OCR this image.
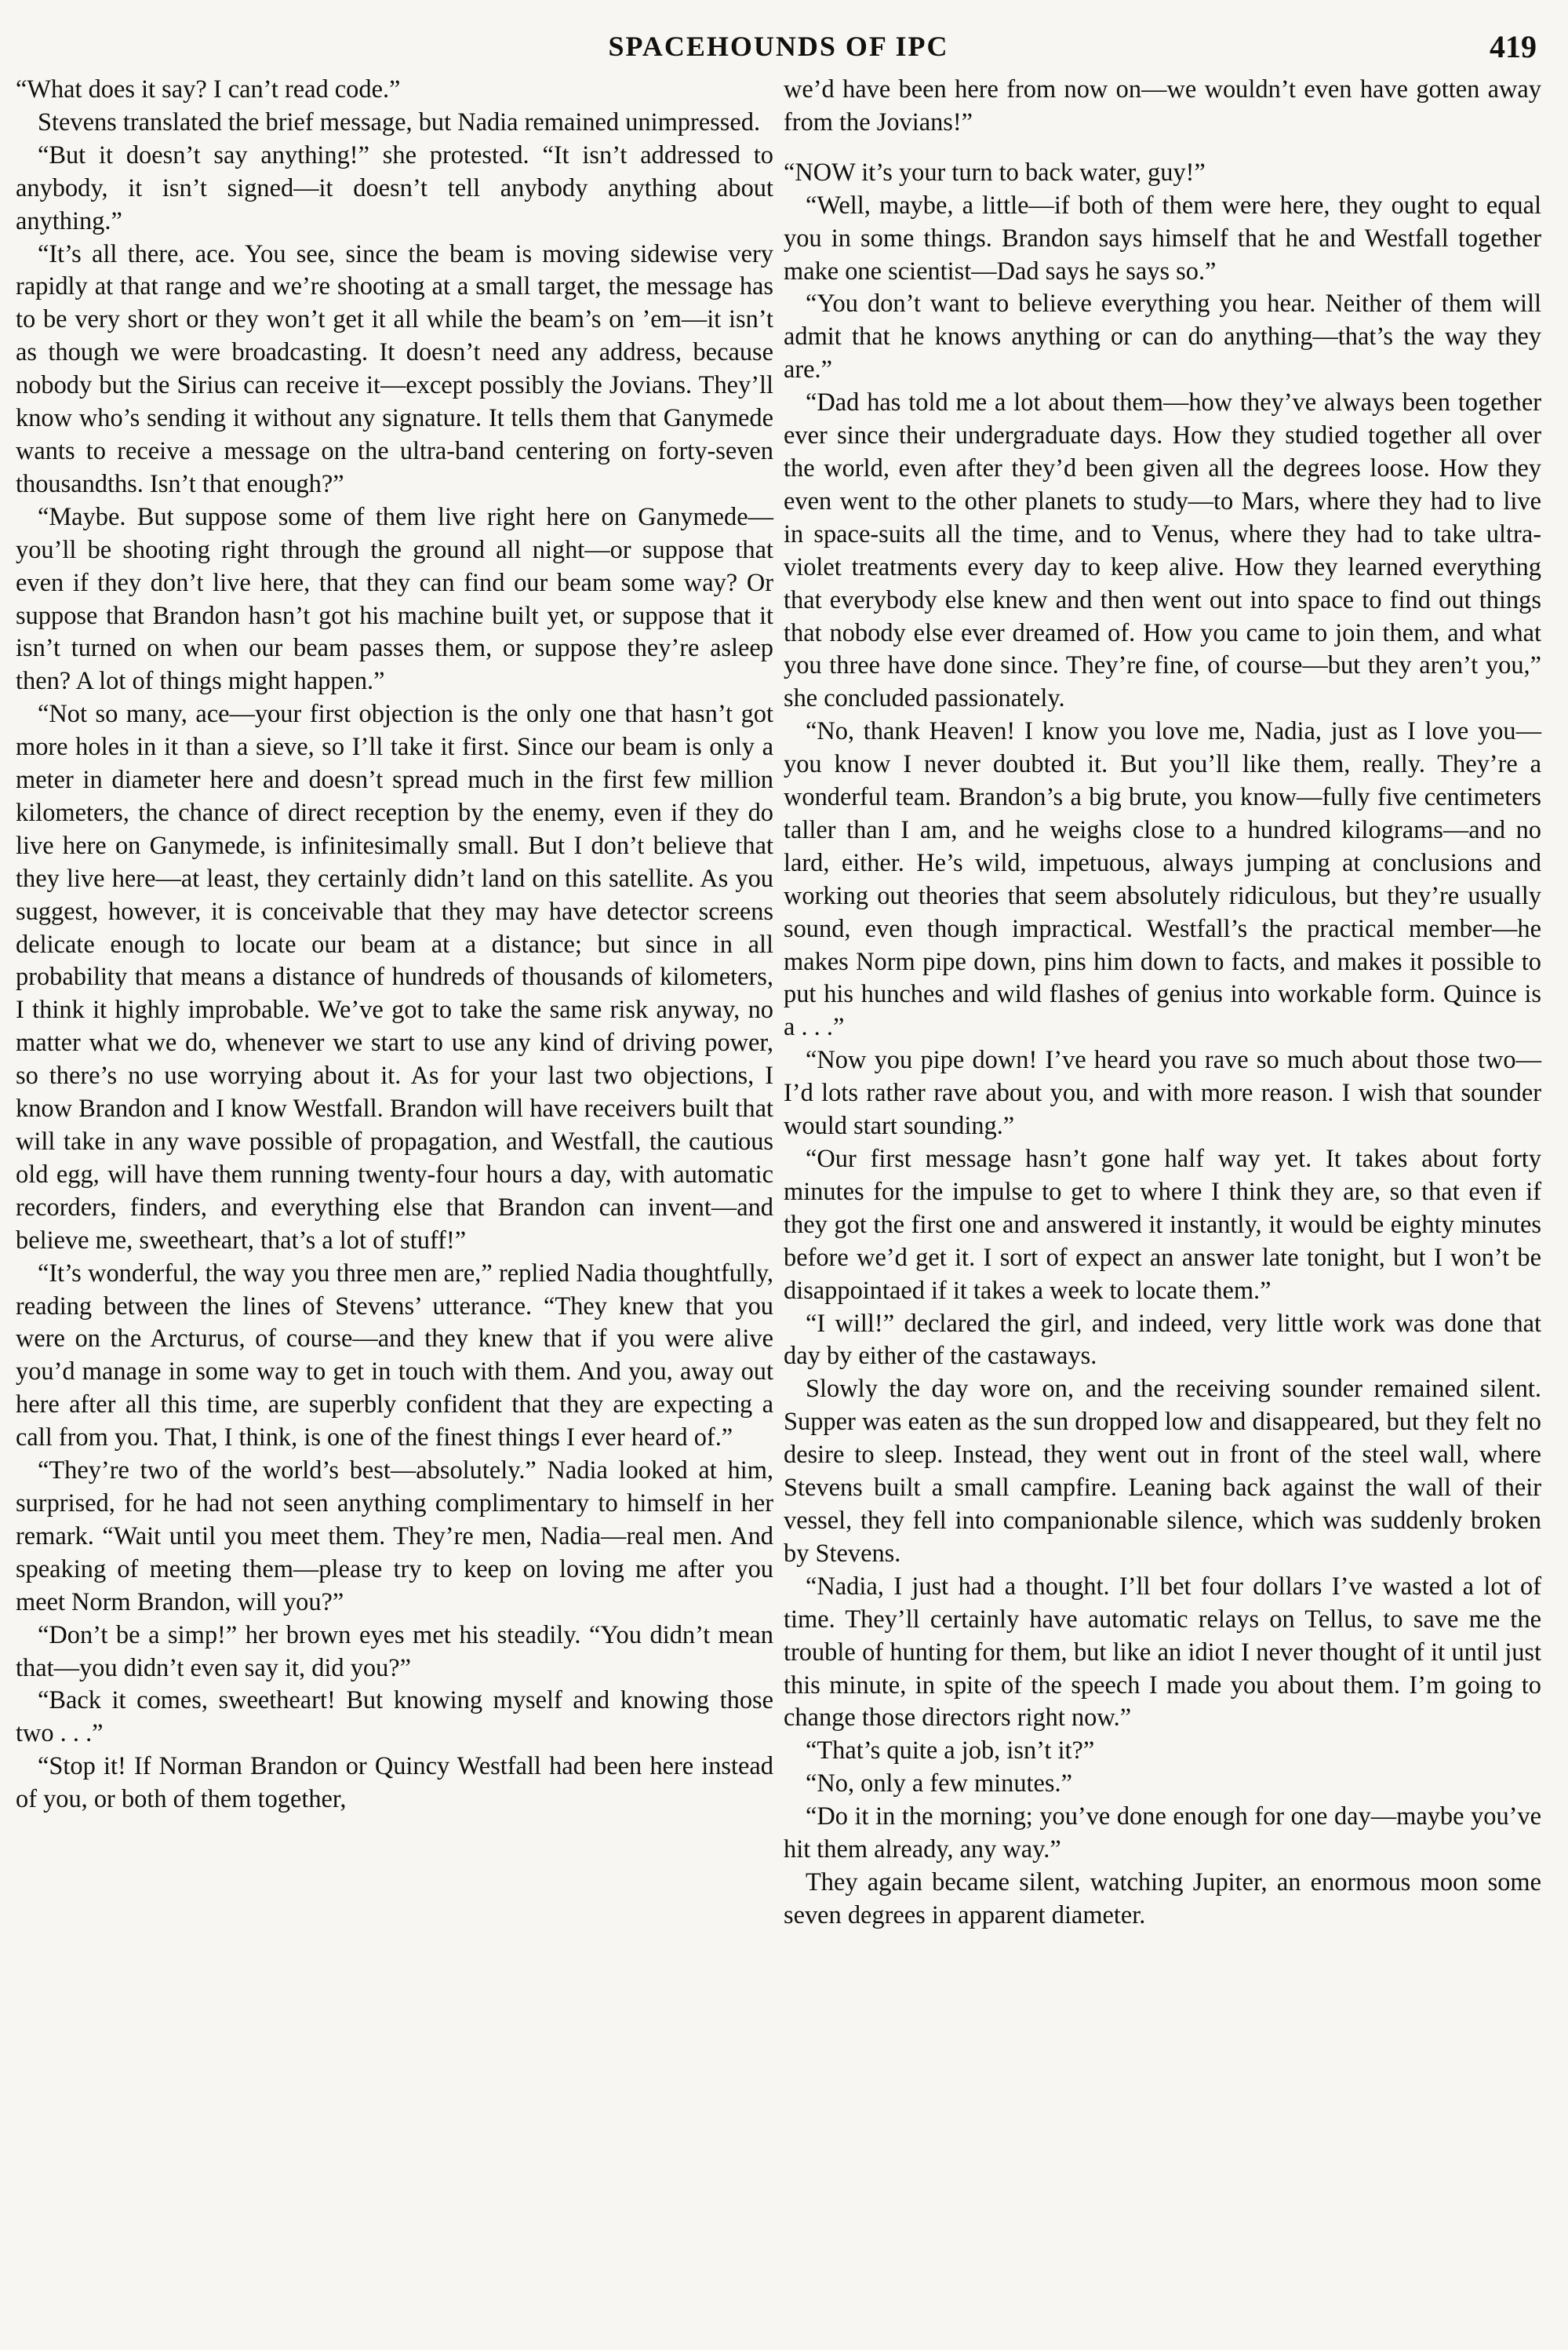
SPACEHOUNDS OF IPC	419

“What does it say? I can’t read code.”

Stevens translated the brief message, but Nadia remained unimpressed.

“But it doesn’t say anything!” she protested. “It isn’t addressed to anybody, it isn’t signed—it doesn’t tell anybody anything about anything.”

“It’s all there, ace. You see, since the beam is moving sidewise very rapidly at that range and we’re shooting at a small target, the message has to be very short or they won’t get it all while the beam’s on ’em—it isn’t as though we were broadcasting. It doesn’t need any address, because nobody but the Sirius can receive it—except possibly the Jovians. They’ll know who’s sending it without any signature. It tells them that Ganymede wants to receive a message on the ultra-band centering on forty-seven thousandths. Isn’t that enough?”

“Maybe. But suppose some of them live right here on Ganymede—you’ll be shooting right through the ground all night—or suppose that even if they don’t live here, that they can find our beam some way? Or suppose that Brandon hasn’t got his machine built yet, or suppose that it isn’t turned on when our beam passes them, or suppose they’re asleep then? A lot of things might happen.”

“Not so many, ace—your first objection is the only one that hasn’t got more holes in it than a sieve, so I’ll take it first. Since our beam is only a meter in diameter here and doesn’t spread much in the first few million kilometers, the chance of direct reception by the enemy, even if they do live here on Ganymede, is infinitesimally small. But I don’t believe that they live here—at least, they certainly didn’t land on this satellite. As you suggest, however, it is conceivable that they may have detector screens delicate enough to locate our beam at a distance; but since in all probability that means a distance of hundreds of thousands of kilometers, I think it highly improbable. We’ve got to take the same risk anyway, no matter what we do, whenever we start to use any kind of driving power, so there’s no use worrying about it. As for your last two objections, I know Brandon and I know Westfall. Brandon will have receivers built that will take in any wave possible of propagation, and Westfall, the cautious old egg, will have them running twenty-four hours a day, with automatic recorders, finders, and everything else that Brandon can invent—and believe me, sweetheart, that’s a lot of stuff!”

“It’s wonderful, the way you three men are,” replied Nadia thoughtfully, reading between the lines of Stevens’ utterance. “They knew that you were on the Arcturus, of course—and they knew that if you were alive you’d manage in some way to get in touch with them. And you, away out here after all this time, are superbly confident that they are expecting a call from you. That, I think, is one of the finest things I ever heard of.”

“They’re two of the world’s best—absolutely.” Nadia looked at him, surprised, for he had not seen anything complimentary to himself in her remark. “Wait until you meet them. They’re men, Nadia—real men. And speaking of meeting them—please try to keep on loving me after you meet Norm Brandon, will you?”

“Don’t be a simp!” her brown eyes met his steadily. “You didn’t mean that—you didn’t even say it, did you?”

“Back it comes, sweetheart! But knowing myself and knowing those two . . .”

“Stop it! If Norman Brandon or Quincy Westfall had been here instead of you, or both of them together,

we’d have been here from now on—we wouldn’t even have gotten away from the Jovians!”

“NOW it’s your turn to back water, guy!”

“Well, maybe, a little—if both of them were here, they ought to equal you in some things. Brandon says himself that he and Westfall together make one scientist—Dad says he says so.”

“You don’t want to believe everything you hear. Neither of them will admit that he knows anything or can do anything—that’s the way they are.”

“Dad has told me a lot about them—how they’ve always been together ever since their undergraduate days. How they studied together all over the world, even after they’d been given all the degrees loose. How they even went to the other planets to study—to Mars, where they had to live in space-suits all the time, and to Venus, where they had to take ultra-violet treatments every day to keep alive. How they learned everything that everybody else knew and then went out into space to find out things that nobody else ever dreamed of. How you came to join them, and what you three have done since. They’re fine, of course—but they aren’t you,” she concluded passionately.

“No, thank Heaven! I know you love me, Nadia, just as I love you—you know I never doubted it. But you’ll like them, really. They’re a wonderful team. Brandon’s a big brute, you know—fully five centimeters taller than I am, and he weighs close to a hundred kilograms—and no lard, either. He’s wild, impetuous, always jumping at conclusions and working out theories that seem absolutely ridiculous, but they’re usually sound, even though impractical. Westfall’s the practical member—he makes Norm pipe down, pins him down to facts, and makes it possible to put his hunches and wild flashes of genius into workable form. Quince is a . . .”

“Now you pipe down! I’ve heard you rave so much about those two—I’d lots rather rave about you, and with more reason. I wish that sounder would start sounding.”

“Our first message hasn’t gone half way yet. It takes about forty minutes for the impulse to get to where I think they are, so that even if they got the first one and answered it instantly, it would be eighty minutes before we’d get it. I sort of expect an answer late tonight, but I won’t be disappointaed if it takes a week to locate them.”

“I will!” declared the girl, and indeed, very little work was done that day by either of the castaways.

Slowly the day wore on, and the receiving sounder remained silent. Supper was eaten as the sun dropped low and disappeared, but they felt no desire to sleep. Instead, they went out in front of the steel wall, where Stevens built a small campfire. Leaning back against the wall of their vessel, they fell into companionable silence, which was suddenly broken by Stevens.

“Nadia, I just had a thought. I’ll bet four dollars I’ve wasted a lot of time. They’ll certainly have automatic relays on Tellus, to save me the trouble of hunting for them, but like an idiot I never thought of it until just this minute, in spite of the speech I made you about them. I’m going to change those directors right now.”

“That’s quite a job, isn’t it?”

“No, only a few minutes.”

“Do it in the morning; you’ve done enough for one day—maybe you’ve hit them already, any way.”

They again became silent, watching Jupiter, an enormous moon some seven degrees in apparent diameter.
